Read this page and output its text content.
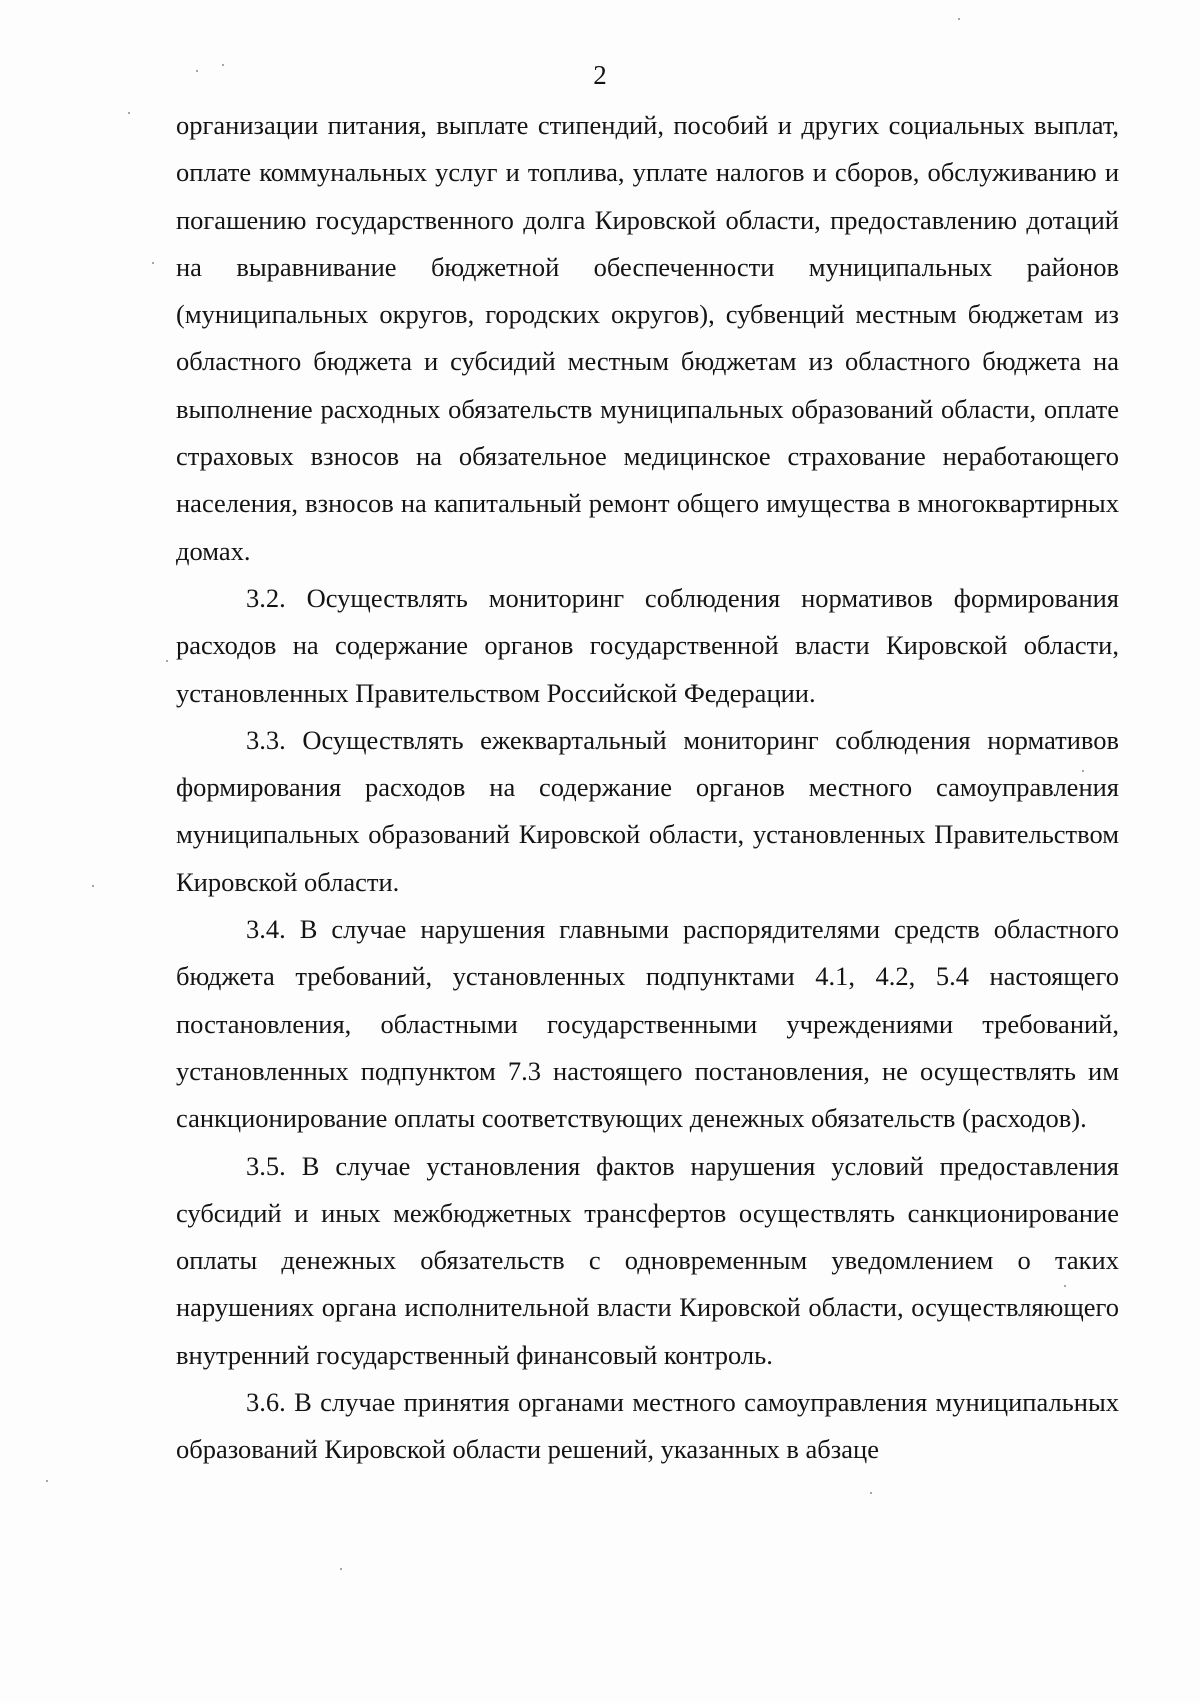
2

организации питания, выплате стипендий, пособий и других социальных выплат, оплате коммунальных услуг и топлива, уплате налогов и сборов, обслуживанию и погашению государственного долга Кировской области, предоставлению дотаций на выравнивание бюджетной обеспеченности муниципальных районов (муниципальных округов, городских округов), субвенций местным бюджетам из областного бюджета и субсидий местным бюджетам из областного бюджета на выполнение расходных обязательств муниципальных образований области, оплате страховых взносов на обязательное медицинское страхование неработающего населения, взносов на капитальный ремонт общего имущества в многоквартирных домах.

3.2. Осуществлять мониторинг соблюдения нормативов формирования расходов на содержание органов государственной власти Кировской области, установленных Правительством Российской Федерации.

3.3. Осуществлять ежеквартальный мониторинг соблюдения нормативов формирования расходов на содержание органов местного самоуправления муниципальных образований Кировской области, установленных Правительством Кировской области.

3.4. В случае нарушения главными распорядителями средств областного бюджета требований, установленных подпунктами 4.1, 4.2, 5.4 настоящего постановления, областными государственными учреждениями требований, установленных подпунктом 7.3 настоящего постановления, не осуществлять им санкционирование оплаты соответствующих денежных обязательств (расходов).

3.5. В случае установления фактов нарушения условий предоставления субсидий и иных межбюджетных трансфертов осуществлять санкционирование оплаты денежных обязательств с одновременным уведомлением о таких нарушениях органа исполнительной власти Кировской области, осуществляющего внутренний государственный финансовый контроль.

3.6. В случае принятия органами местного самоуправления муниципальных образований Кировской области решений, указанных в абзаце
